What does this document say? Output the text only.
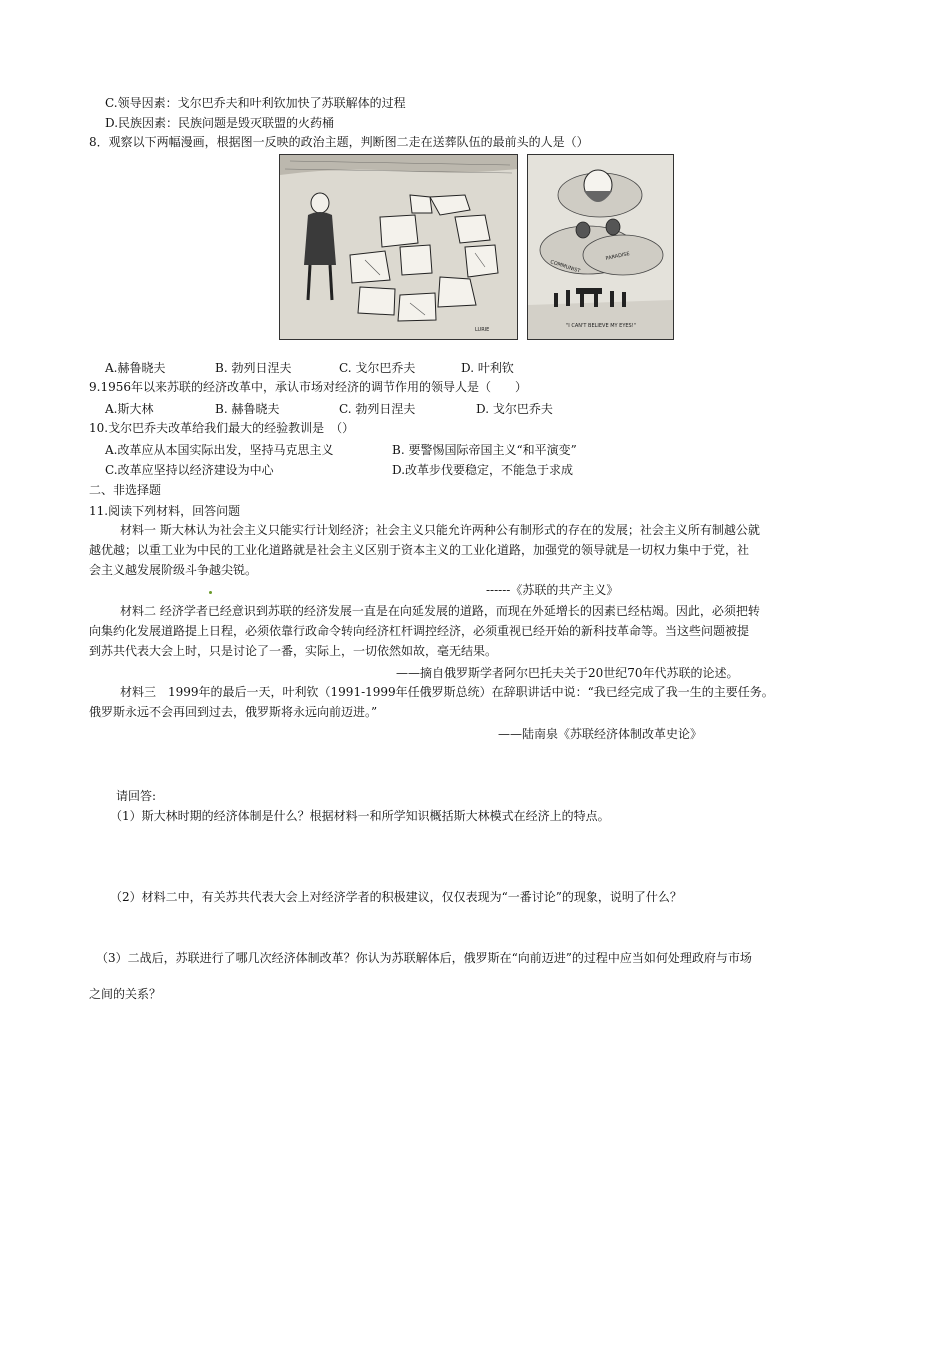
C.领导因素：戈尔巴乔夫和叶利钦加快了苏联解体的过程
D.民族因素：民族问题是毁灭联盟的火药桶
8．观察以下两幅漫画，根据图一反映的政治主题，判断图二走在送葬队伍的最前头的人是（）
LURIE
COMMUNIST
PARADISE
"I CAN'T BELIEVE MY EYES!"
A.赫鲁晓夫	B. 勃列日涅夫	C. 戈尔巴乔夫	D. 叶利钦
9.1956年以来苏联的经济改革中，承认市场对经济的调节作用的领导人是（　　）
A.斯大林	B. 赫鲁晓夫	C. 勃列日涅夫	D. 戈尔巴乔夫
10.戈尔巴乔夫改革给我们最大的经验教训是　（）
A.改革应从本国实际出发，坚持马克思主义	B. 要警惕国际帝国主义“和平演变”
C.改革应坚持以经济建设为中心	D.改革步伐要稳定，不能急于求成
二、非选择题
11.阅读下列材料，回答问题
材料一 斯大林认为社会主义只能实行计划经济；社会主义只能允许两种公有制形式的存在的发展；社会主义所有制越公就
越优越；以重工业为中民的工业化道路就是社会主义区别于资本主义的工业化道路，加强党的领导就是一切权力集中于党，社
会主义越发展阶级斗争越尖锐。
------《苏联的共产主义》
材料二 经济学者已经意识到苏联的经济发展一直是在向延发展的道路，而现在外延增长的因素已经枯竭。因此，必须把转
向集约化发展道路提上日程，必须依靠行政命令转向经济杠杆调控经济，必须重视已经开始的新科技革命等。当这些问题被提
到苏共代表大会上时，只是讨论了一番，实际上，一切依然如故，毫无结果。
——摘自俄罗斯学者阿尔巴托夫关于20世纪70年代苏联的论述。
材料三　1999年的最后一天，叶利钦（1991-1999年任俄罗斯总统）在辞职讲话中说：“我已经完成了我一生的主要任务。
俄罗斯永远不会再回到过去，俄罗斯将永远向前迈进。”
——陆南泉《苏联经济体制改革史论》
请回答:
（1）斯大林时期的经济体制是什么？根据材料一和所学知识概括斯大林模式在经济上的特点。
（2）材料二中，有关苏共代表大会上对经济学者的积极建议，仅仅表现为“一番讨论”的现象，说明了什么？
（3）二战后，苏联进行了哪几次经济体制改革？你认为苏联解体后，俄罗斯在“向前迈进”的过程中应当如何处理政府与市场
之间的关系？
